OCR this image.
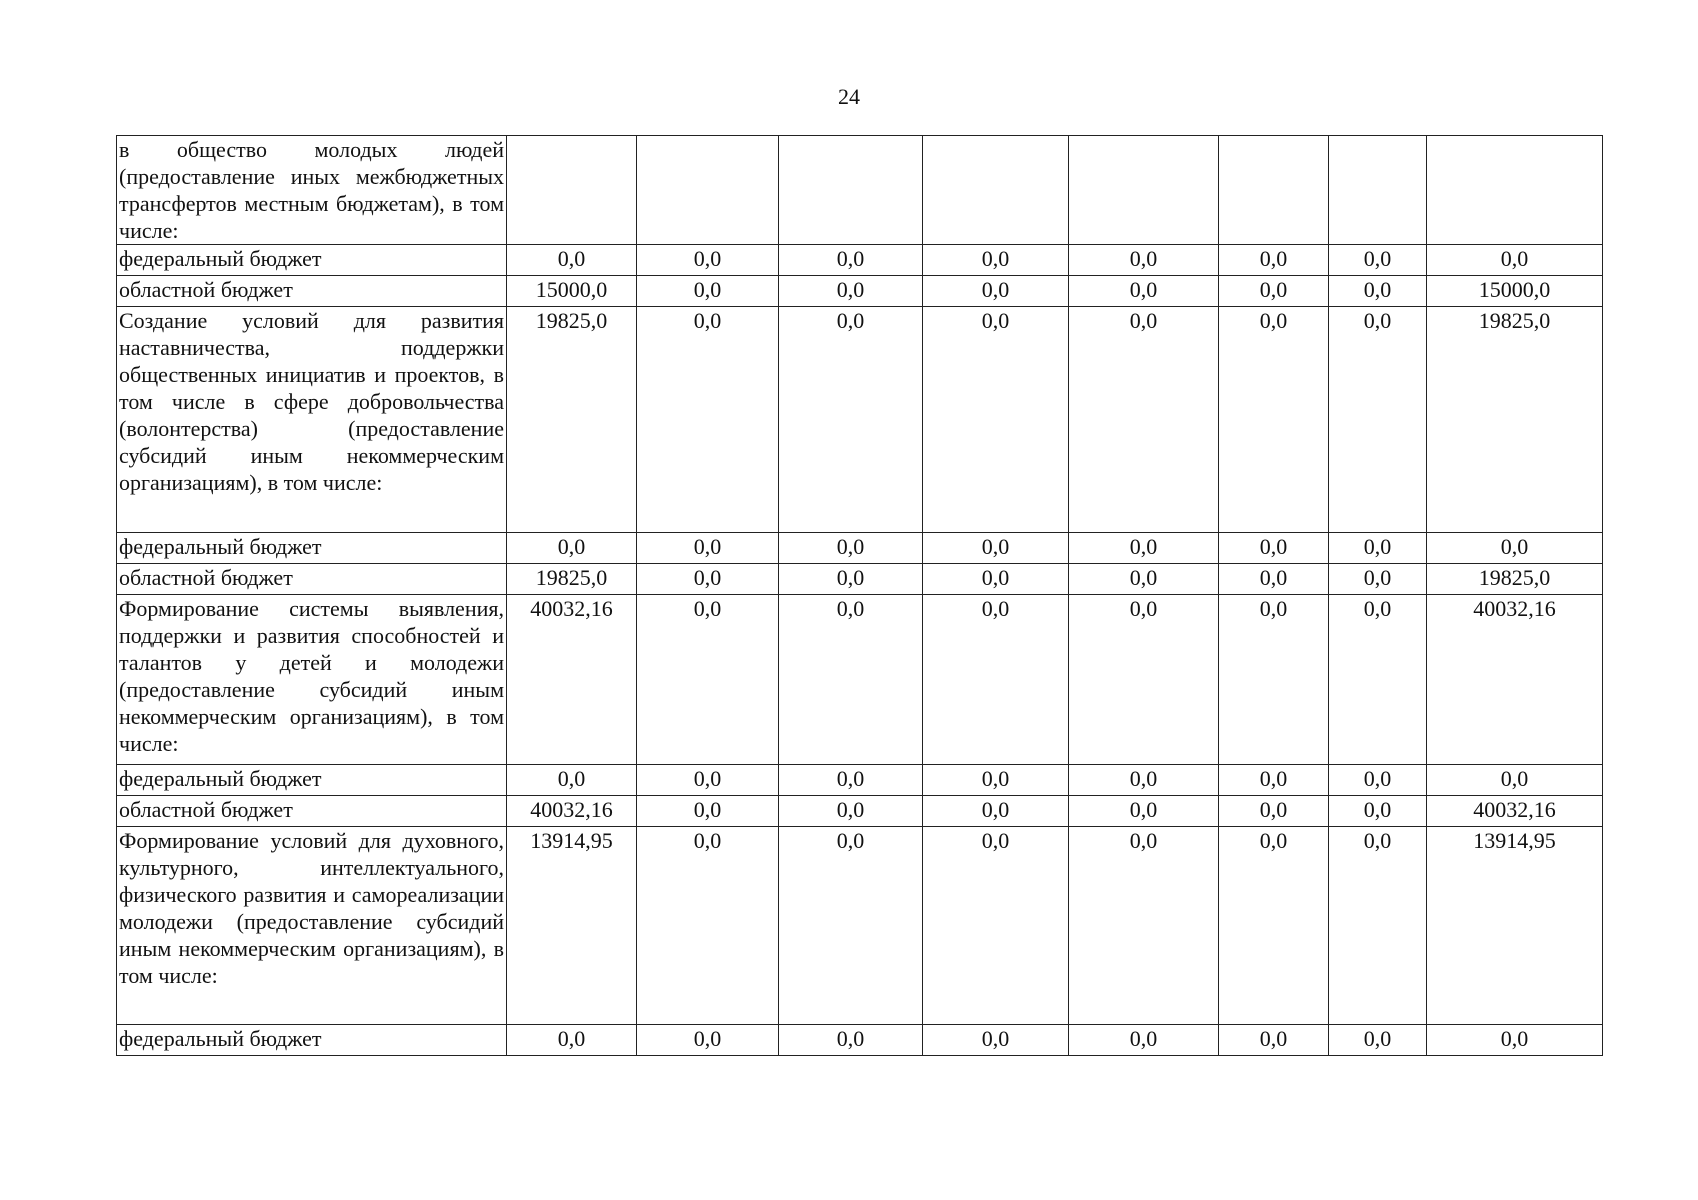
24
в общество молодых людей (предоставление иных межбюджетных трансфертов местным бюджетам), в том числе:								
федеральный бюджет	0,0	0,0	0,0	0,0	0,0	0,0	0,0	0,0
областной бюджет	15000,0	0,0	0,0	0,0	0,0	0,0	0,0	15000,0
Создание условий для развития наставничества, поддержки общественных инициатив и проектов, в том числе в сфере добровольчества (волонтерства) (предоставление субсидий иным некоммерческим организациям), в том числе:	19825,0	0,0	0,0	0,0	0,0	0,0	0,0	19825,0
федеральный бюджет	0,0	0,0	0,0	0,0	0,0	0,0	0,0	0,0
областной бюджет	19825,0	0,0	0,0	0,0	0,0	0,0	0,0	19825,0
Формирование системы выявления, поддержки и развития способностей и талантов у детей и молодежи (предоставление субсидий иным некоммерческим организациям), в том числе:	40032,16	0,0	0,0	0,0	0,0	0,0	0,0	40032,16
федеральный бюджет	0,0	0,0	0,0	0,0	0,0	0,0	0,0	0,0
областной бюджет	40032,16	0,0	0,0	0,0	0,0	0,0	0,0	40032,16
Формирование условий для духовного, культурного, интеллектуального, физического развития и самореализации молодежи (предоставление субсидий иным некоммерческим организациям), в том числе:	13914,95	0,0	0,0	0,0	0,0	0,0	0,0	13914,95
федеральный бюджет	0,0	0,0	0,0	0,0	0,0	0,0	0,0	0,0
